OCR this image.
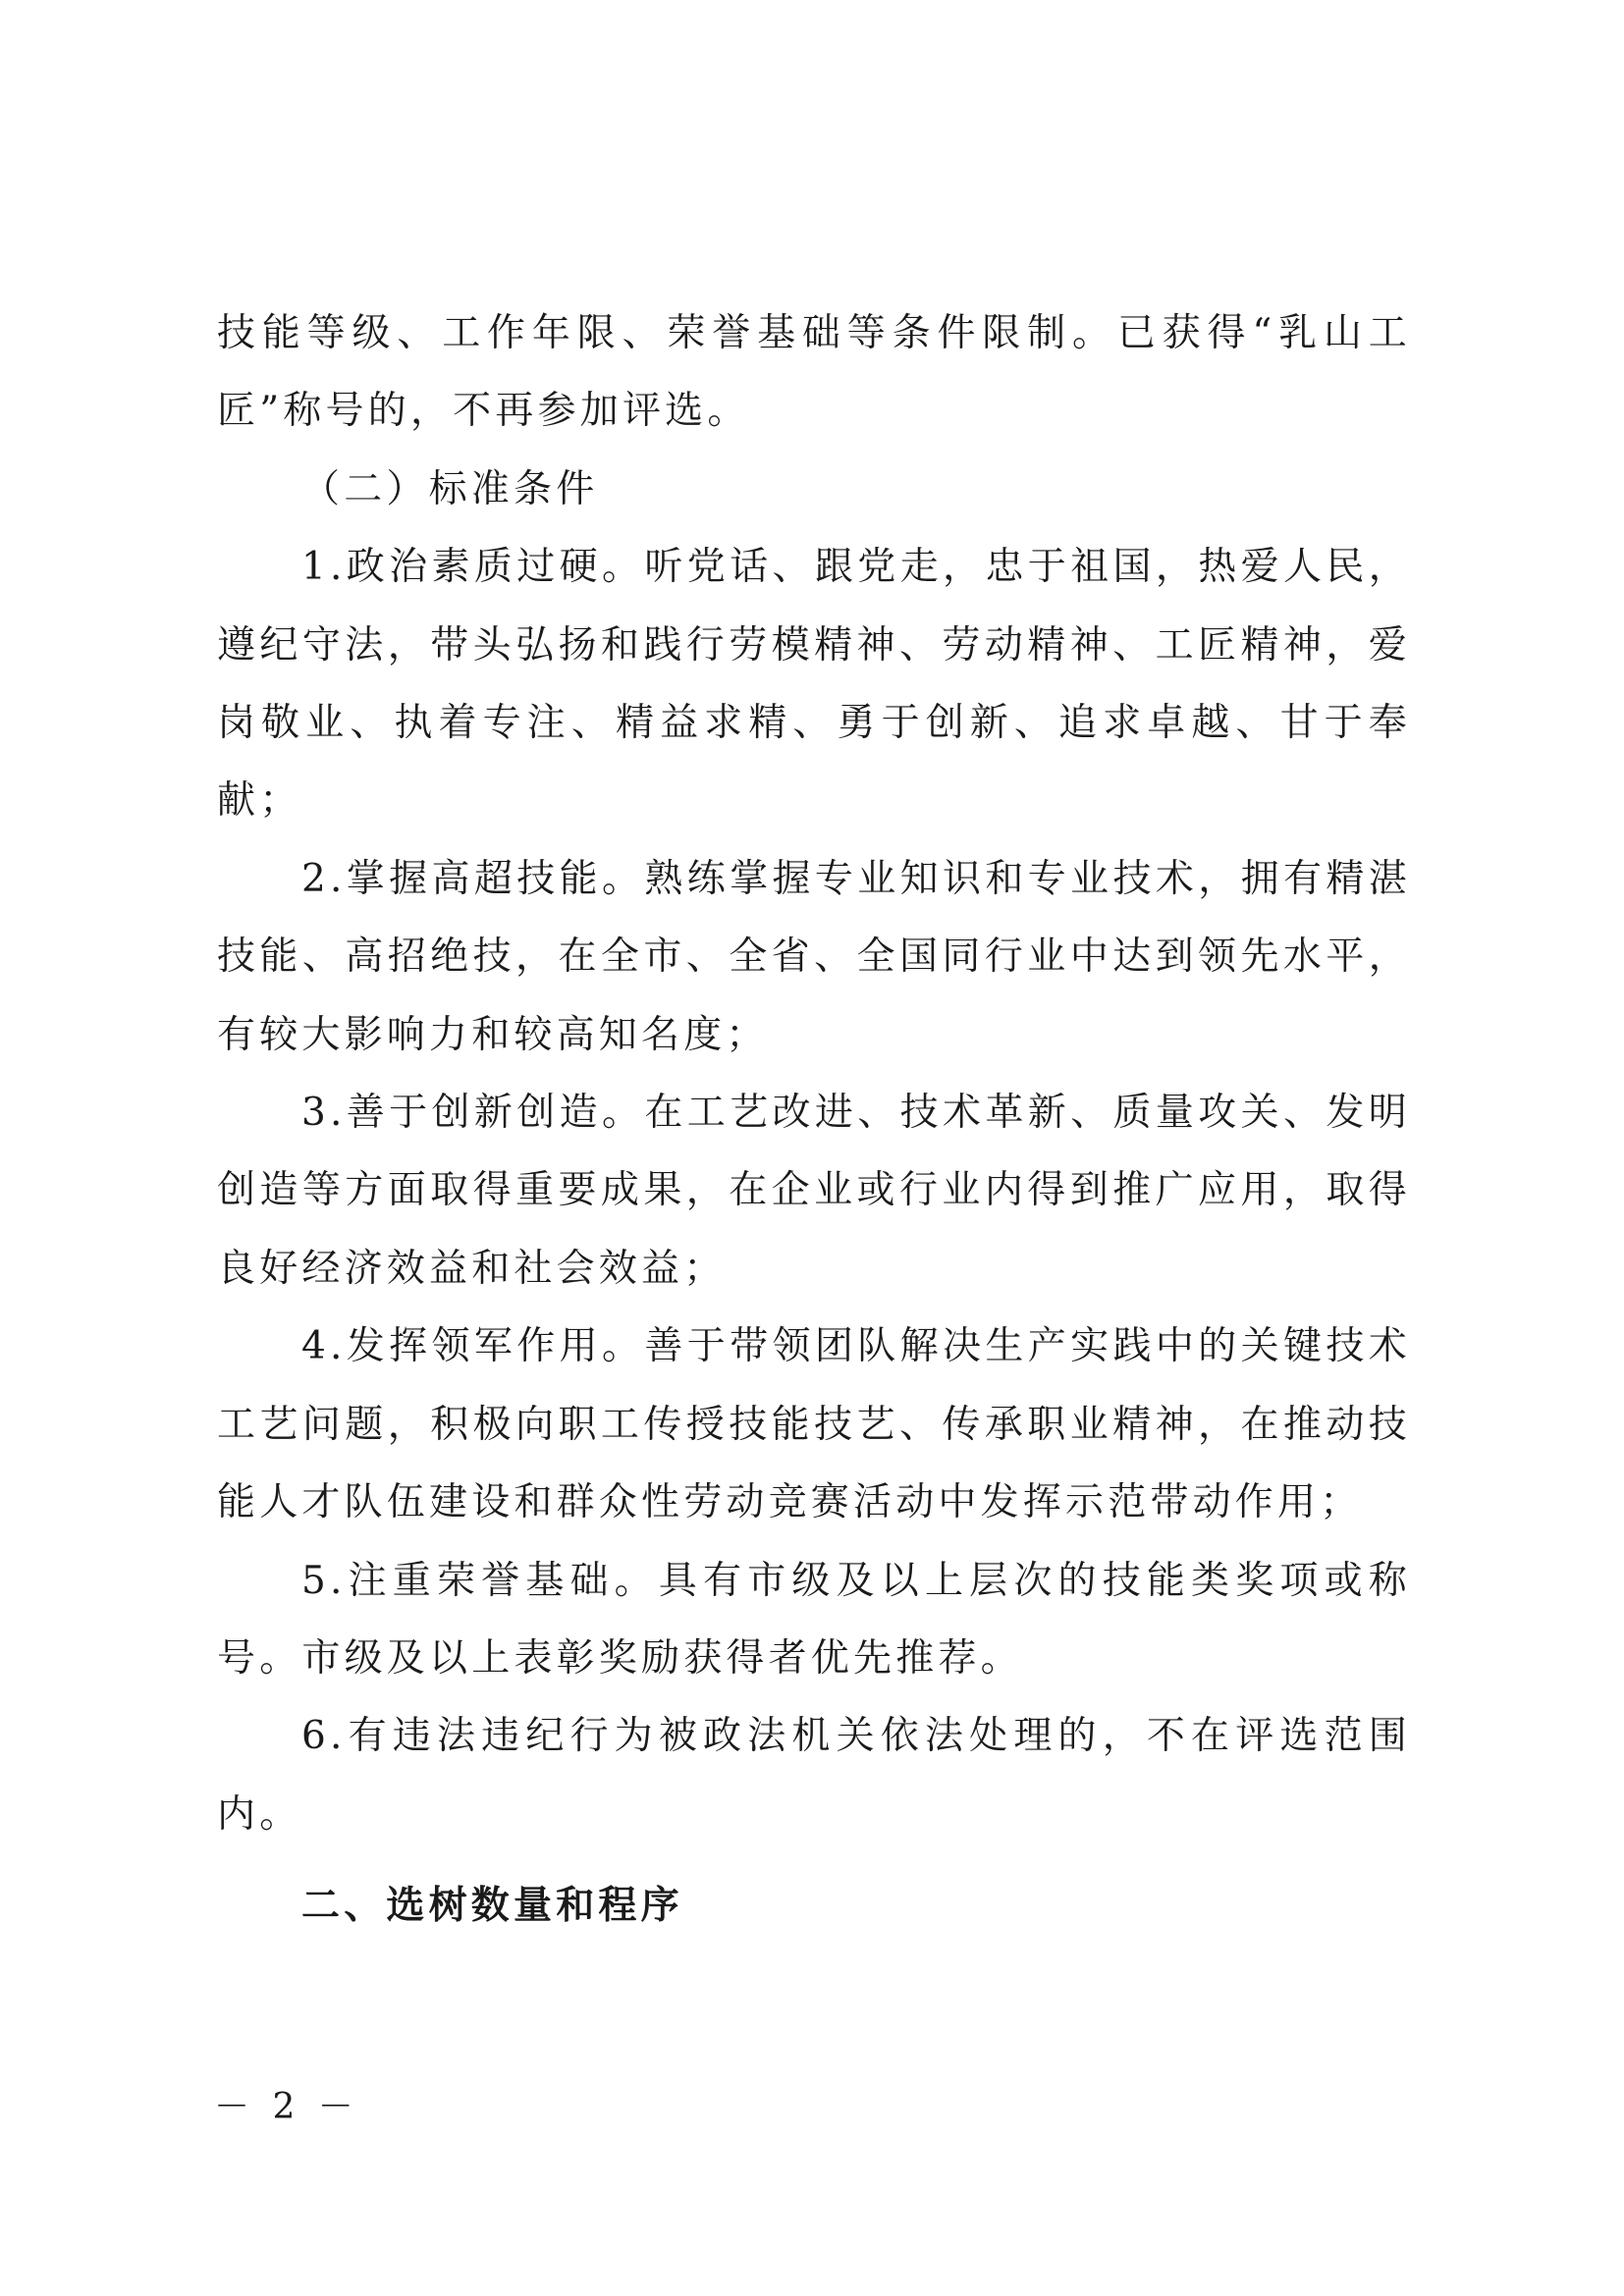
技能等级、工作年限、荣誉基础等条件限制。已获得“乳山工匠”称号的，不再参加评选。

（二）标准条件

1.政治素质过硬。听党话、跟党走，忠于祖国，热爱人民，遵纪守法，带头弘扬和践行劳模精神、劳动精神、工匠精神，爱岗敬业、执着专注、精益求精、勇于创新、追求卓越、甘于奉献；

2.掌握高超技能。熟练掌握专业知识和专业技术，拥有精湛技能、高招绝技，在全市、全省、全国同行业中达到领先水平，有较大影响力和较高知名度；

3.善于创新创造。在工艺改进、技术革新、质量攻关、发明创造等方面取得重要成果，在企业或行业内得到推广应用，取得良好经济效益和社会效益；

4.发挥领军作用。善于带领团队解决生产实践中的关键技术工艺问题，积极向职工传授技能技艺、传承职业精神，在推动技能人才队伍建设和群众性劳动竞赛活动中发挥示范带动作用；

5.注重荣誉基础。具有市级及以上层次的技能类奖项或称号。市级及以上表彰奖励获得者优先推荐。

6.有违法违纪行为被政法机关依法处理的，不在评选范围内。

二、选树数量和程序

－ 2 －
